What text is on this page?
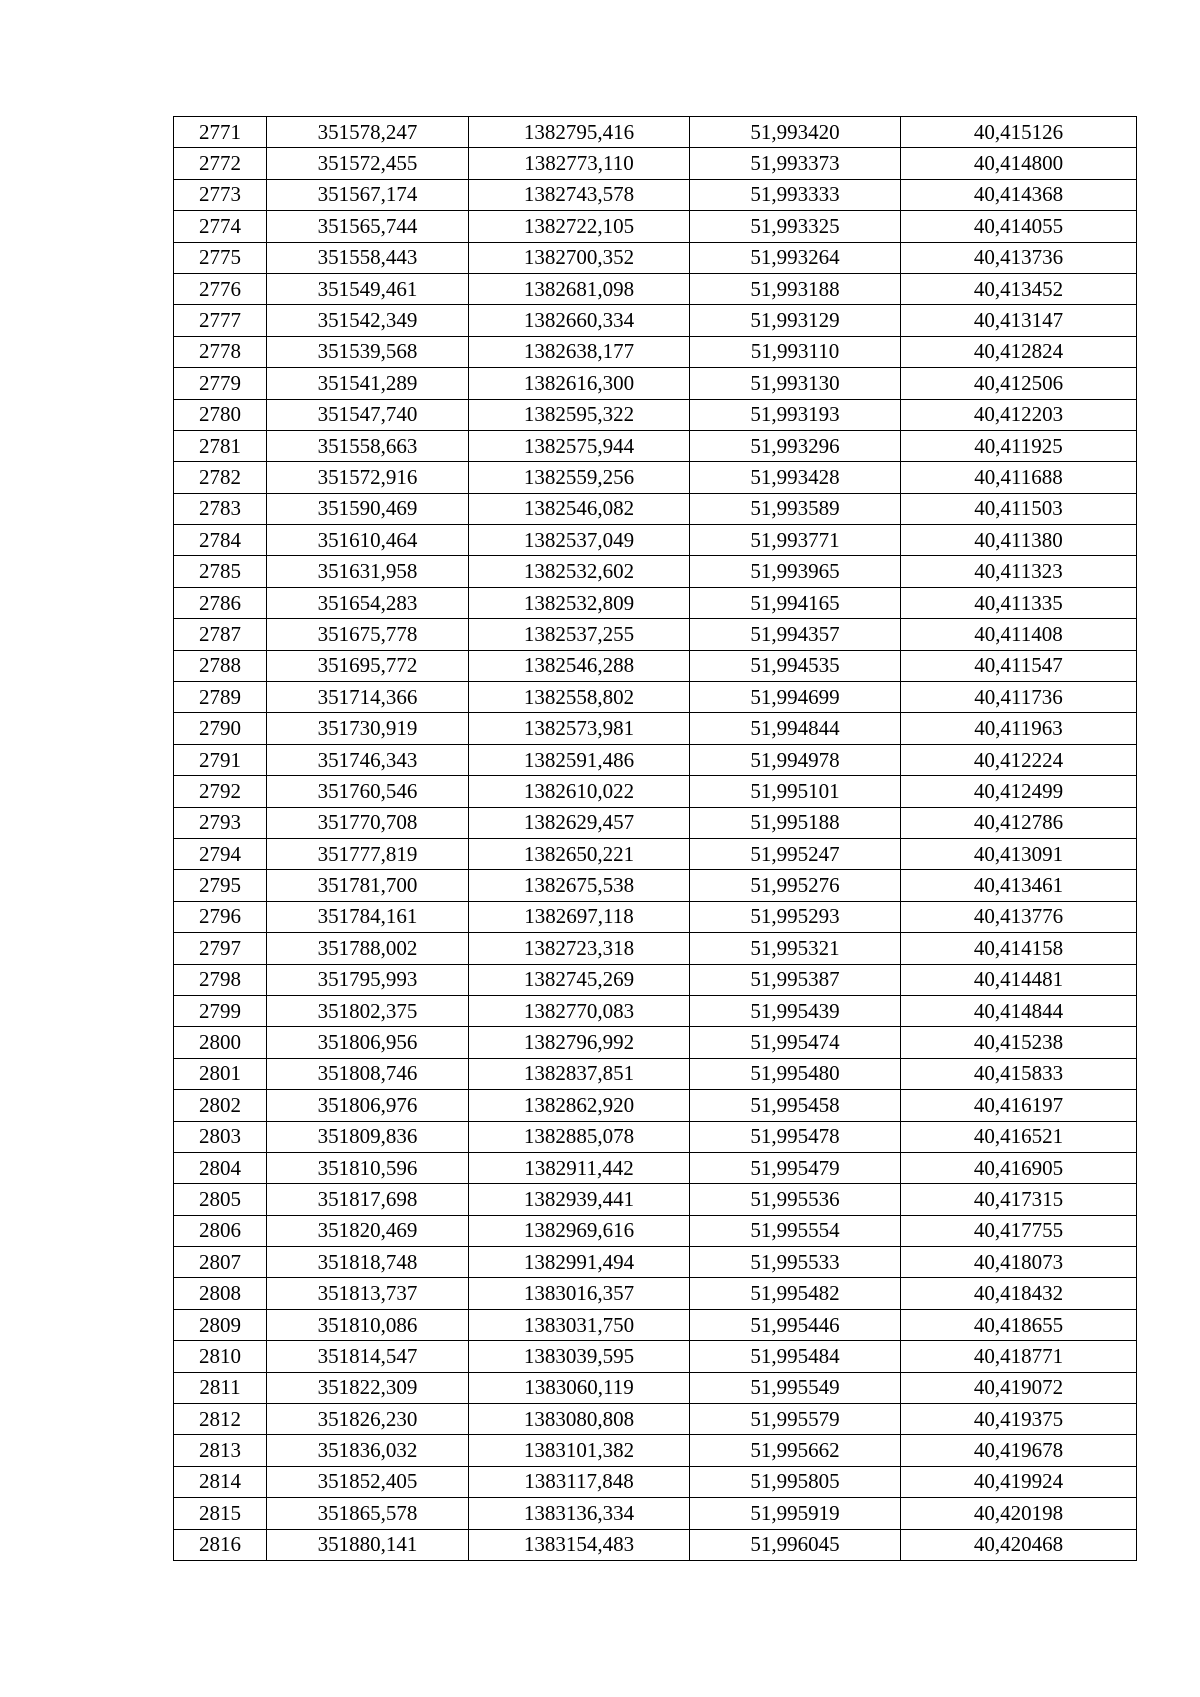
2771	351578,247	1382795,416	51,993420	40,415126
2772	351572,455	1382773,110	51,993373	40,414800
2773	351567,174	1382743,578	51,993333	40,414368
2774	351565,744	1382722,105	51,993325	40,414055
2775	351558,443	1382700,352	51,993264	40,413736
2776	351549,461	1382681,098	51,993188	40,413452
2777	351542,349	1382660,334	51,993129	40,413147
2778	351539,568	1382638,177	51,993110	40,412824
2779	351541,289	1382616,300	51,993130	40,412506
2780	351547,740	1382595,322	51,993193	40,412203
2781	351558,663	1382575,944	51,993296	40,411925
2782	351572,916	1382559,256	51,993428	40,411688
2783	351590,469	1382546,082	51,993589	40,411503
2784	351610,464	1382537,049	51,993771	40,411380
2785	351631,958	1382532,602	51,993965	40,411323
2786	351654,283	1382532,809	51,994165	40,411335
2787	351675,778	1382537,255	51,994357	40,411408
2788	351695,772	1382546,288	51,994535	40,411547
2789	351714,366	1382558,802	51,994699	40,411736
2790	351730,919	1382573,981	51,994844	40,411963
2791	351746,343	1382591,486	51,994978	40,412224
2792	351760,546	1382610,022	51,995101	40,412499
2793	351770,708	1382629,457	51,995188	40,412786
2794	351777,819	1382650,221	51,995247	40,413091
2795	351781,700	1382675,538	51,995276	40,413461
2796	351784,161	1382697,118	51,995293	40,413776
2797	351788,002	1382723,318	51,995321	40,414158
2798	351795,993	1382745,269	51,995387	40,414481
2799	351802,375	1382770,083	51,995439	40,414844
2800	351806,956	1382796,992	51,995474	40,415238
2801	351808,746	1382837,851	51,995480	40,415833
2802	351806,976	1382862,920	51,995458	40,416197
2803	351809,836	1382885,078	51,995478	40,416521
2804	351810,596	1382911,442	51,995479	40,416905
2805	351817,698	1382939,441	51,995536	40,417315
2806	351820,469	1382969,616	51,995554	40,417755
2807	351818,748	1382991,494	51,995533	40,418073
2808	351813,737	1383016,357	51,995482	40,418432
2809	351810,086	1383031,750	51,995446	40,418655
2810	351814,547	1383039,595	51,995484	40,418771
2811	351822,309	1383060,119	51,995549	40,419072
2812	351826,230	1383080,808	51,995579	40,419375
2813	351836,032	1383101,382	51,995662	40,419678
2814	351852,405	1383117,848	51,995805	40,419924
2815	351865,578	1383136,334	51,995919	40,420198
2816	351880,141	1383154,483	51,996045	40,420468
